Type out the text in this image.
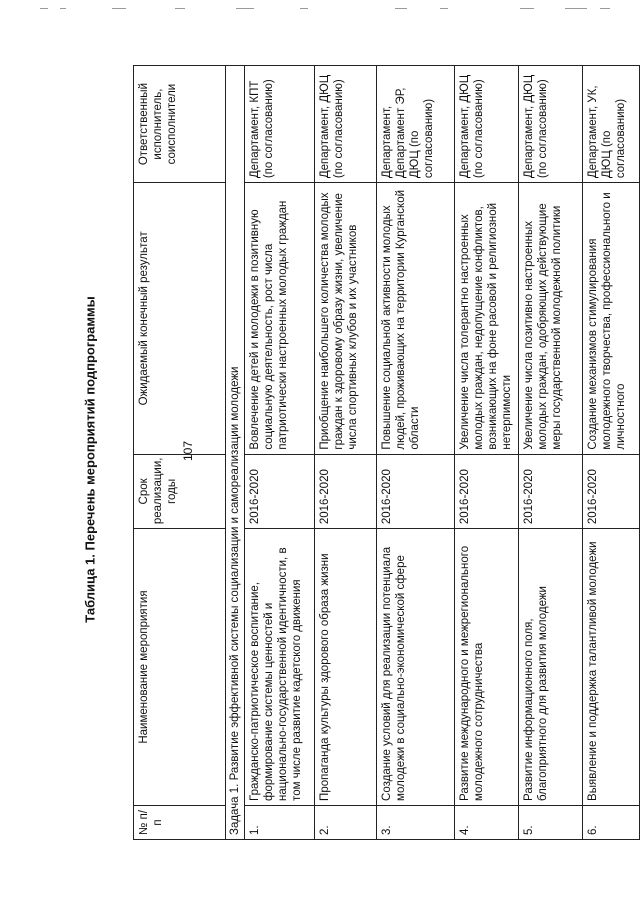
107
Таблица 1. Перечень мероприятий подпрограммы
№ п/п	Наименование мероприятия	Срок реализации, годы	Ожидаемый конечный результат	Ответственный исполнитель, соисполнители
Задача 1. Развитие эффективной системы социализации и самореализации молодежи				
1.	Гражданско-патриотическое воспитание, формирование системы ценностей и национально-государственной идентичности, в том числе развитие кадетского движения	2016-2020	Вовлечение детей и молодежи в позитивную социальную деятельность, рост числа патриотически настроенных молодых граждан	Департамент, КПТ (по согласованию)
2.	Пропаганда культуры здорового образа жизни	2016-2020	Приобщение наибольшего количества молодых граждан к здоровому образу жизни, увеличение числа спортивных клубов и их участников	Департамент, ДЮЦ (по согласованию)
3.	Создание условий для реализации потенциала молодежи в социально-экономической сфере	2016-2020	Повышение социальной активности молодых людей, проживающих на территории Курганской области	Департамент, Департамент ЭР, ДЮЦ (по согласованию)
4.	Развитие международного и межрегионального молодежного сотрудничества	2016-2020	Увеличение числа толерантно настроенных молодых граждан, недопущение конфликтов, возникающих на фоне расовой и религиозной нетерпимости	Департамент, ДЮЦ (по согласованию)
5.	Развитие информационного поля, благоприятного для развития молодежи	2016-2020	Увеличение числа позитивно настроенных молодых граждан, одобряющих действующие меры государственной молодежной политики	Департамент, ДЮЦ (по согласованию)
6.	Выявление и поддержка талантливой молодежи	2016-2020	Создание механизмов стимулирования молодежного творчества, профессионального и личностного	Департамент, УК, ДЮЦ (по согласованию)
